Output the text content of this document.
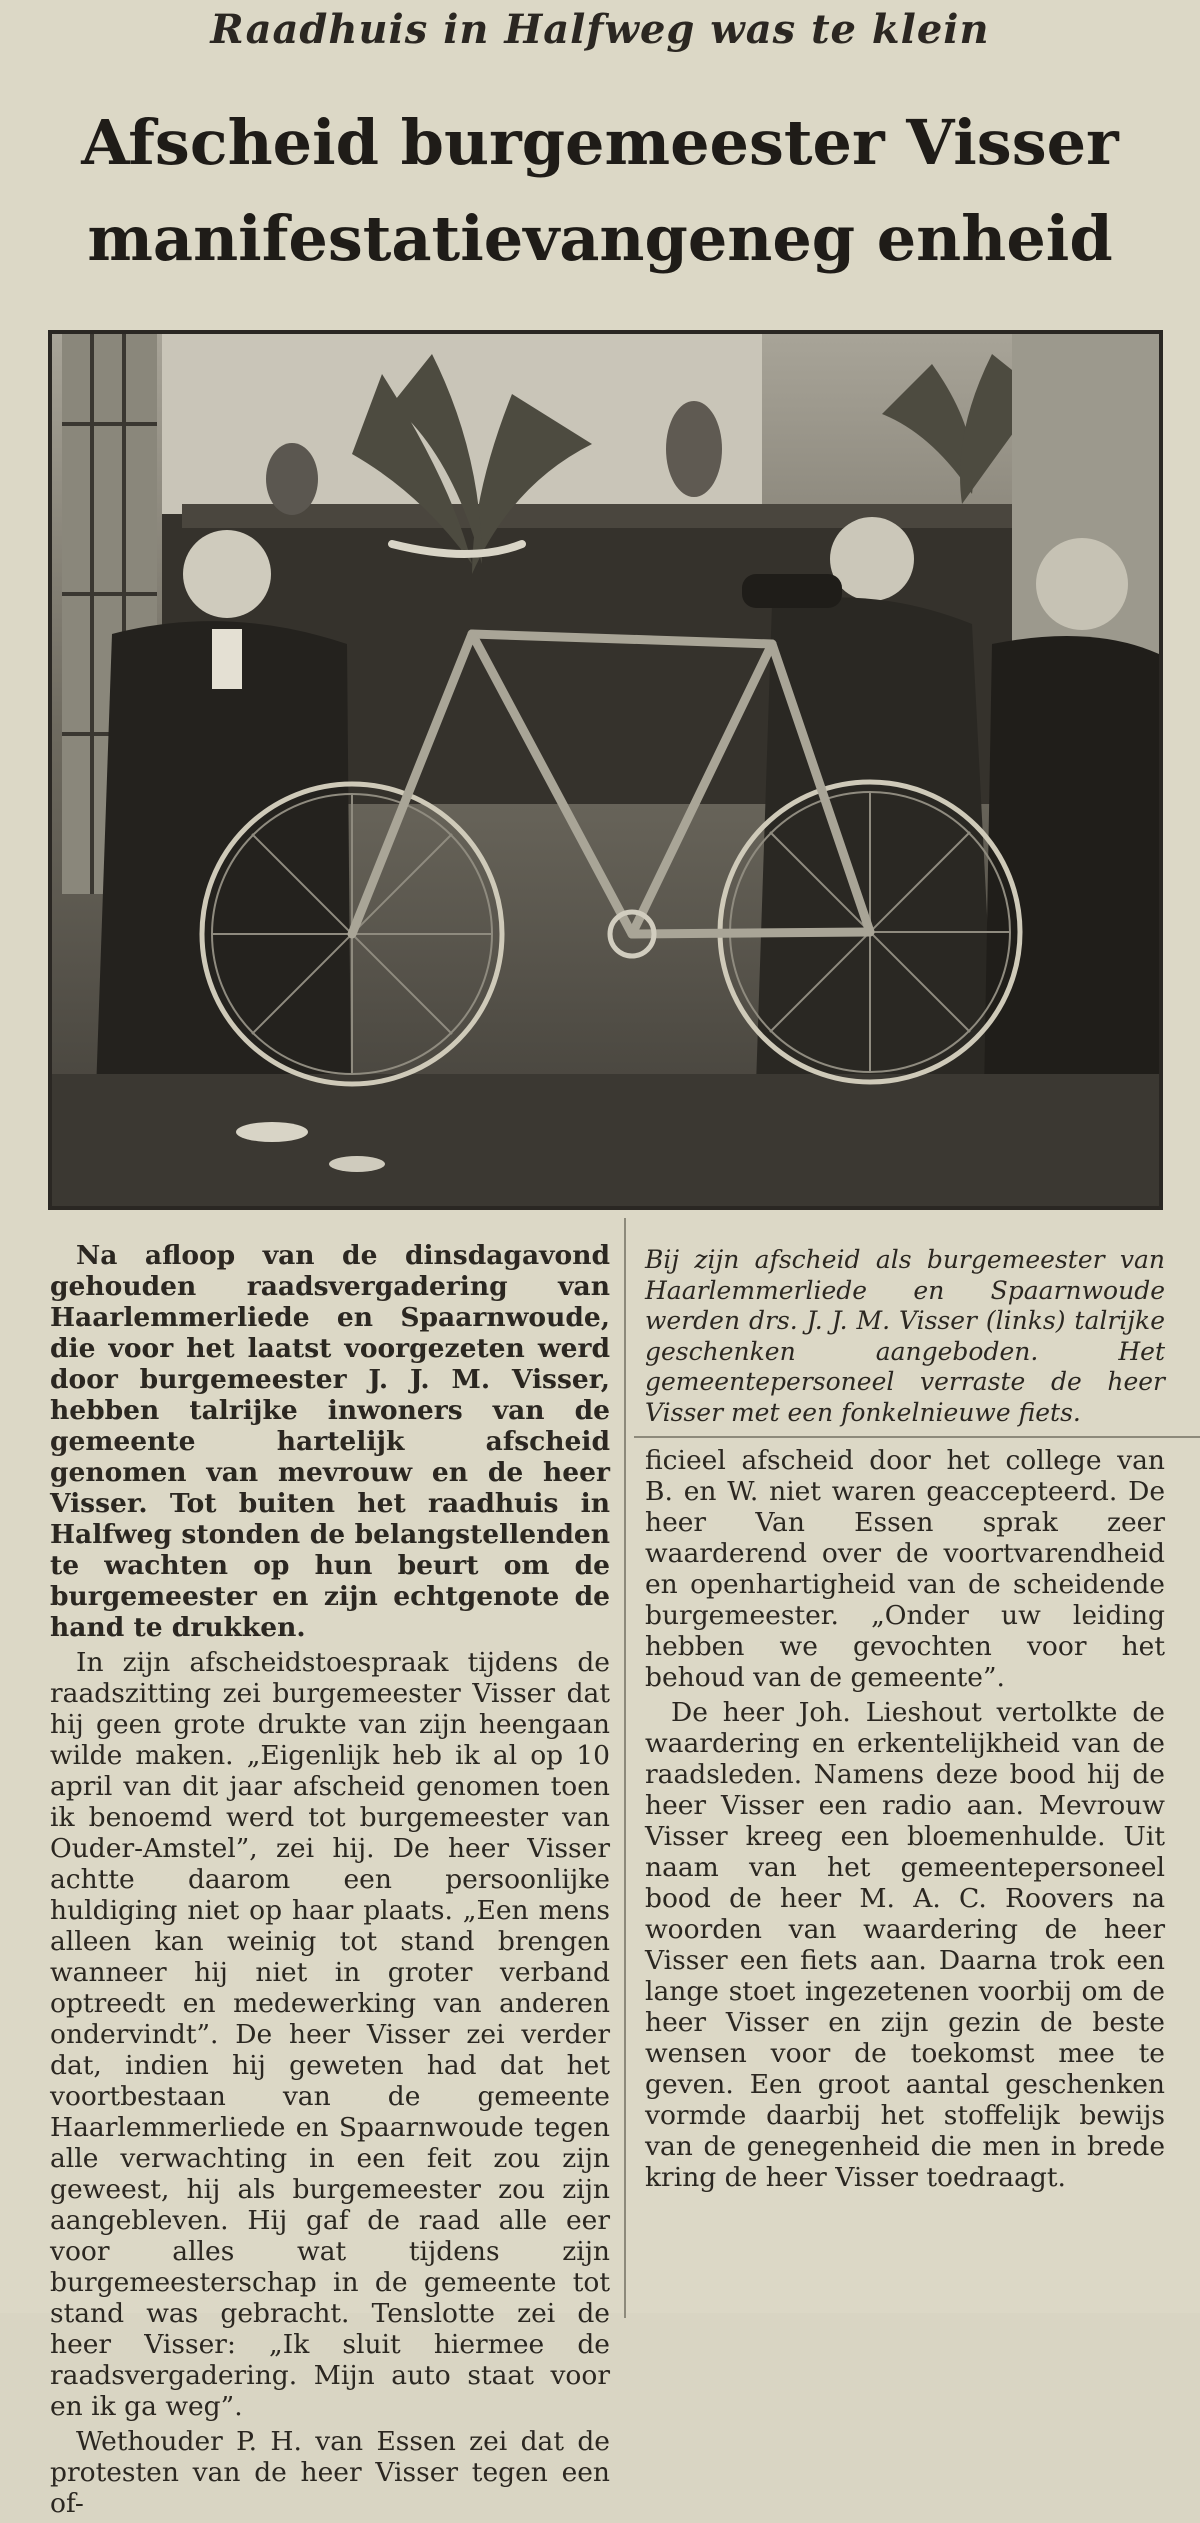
Raadhuis in Halfweg was te klein
Afscheid burgemeester Visser
manifestatievangeneg enheid

Na afloop van de dinsdagavond gehouden raadsvergadering van Haarlemmerliede en Spaarnwoude, die voor het laatst voorgezeten werd door burgemeester J. J. M. Visser, hebben talrijke inwoners van de gemeente hartelijk afscheid genomen van mevrouw en de heer Visser. Tot buiten het raadhuis in Halfweg stonden de belangstellenden te wachten op hun beurt om de burgemeester en zijn echtgenote de hand te drukken.

In zijn afscheidstoespraak tijdens de raadszitting zei burgemeester Visser dat hij geen grote drukte van zijn heengaan wilde maken. „Eigenlijk heb ik al op 10 april van dit jaar afscheid genomen toen ik benoemd werd tot burgemeester van Ouder-Amstel”, zei hij. De heer Visser achtte daarom een persoonlijke huldiging niet op haar plaats. „Een mens alleen kan weinig tot stand brengen wanneer hij niet in groter verband optreedt en medewerking van anderen ondervindt”. De heer Visser zei verder dat, indien hij geweten had dat het voortbestaan van de gemeente Haarlemmerliede en Spaarnwoude tegen alle verwachting in een feit zou zijn geweest, hij als burgemeester zou zijn aangebleven. Hij gaf de raad alle eer voor alles wat tijdens zijn burgemeesterschap in de gemeente tot stand was gebracht. Tenslotte zei de heer Visser: „Ik sluit hiermee de raadsvergadering. Mijn auto staat voor en ik ga weg”.

Wethouder P. H. van Essen zei dat de protesten van de heer Visser tegen een of-

Bij zijn afscheid als burgemeester van Haarlemmerliede en Spaarnwoude werden drs. J. J. M. Visser (links) talrijke geschenken aangeboden. Het gemeentepersoneel verraste de heer Visser met een fonkelnieuwe fiets.

ficieel afscheid door het college van B. en W. niet waren geaccepteerd. De heer Van Essen sprak zeer waarderend over de voortvarendheid en openhartigheid van de scheidende burgemeester. „Onder uw leiding hebben we gevochten voor het behoud van de gemeente”.

De heer Joh. Lieshout vertolkte de waardering en erkentelijkheid van de raadsleden. Namens deze bood hij de heer Visser een radio aan. Mevrouw Visser kreeg een bloemenhulde. Uit naam van het gemeentepersoneel bood de heer M. A. C. Roovers na woorden van waardering de heer Visser een fiets aan. Daarna trok een lange stoet ingezetenen voorbij om de heer Visser en zijn gezin de beste wensen voor de toekomst mee te geven. Een groot aantal geschenken vormde daarbij het stoffelijk bewijs van de genegenheid die men in brede kring de heer Visser toedraagt.
